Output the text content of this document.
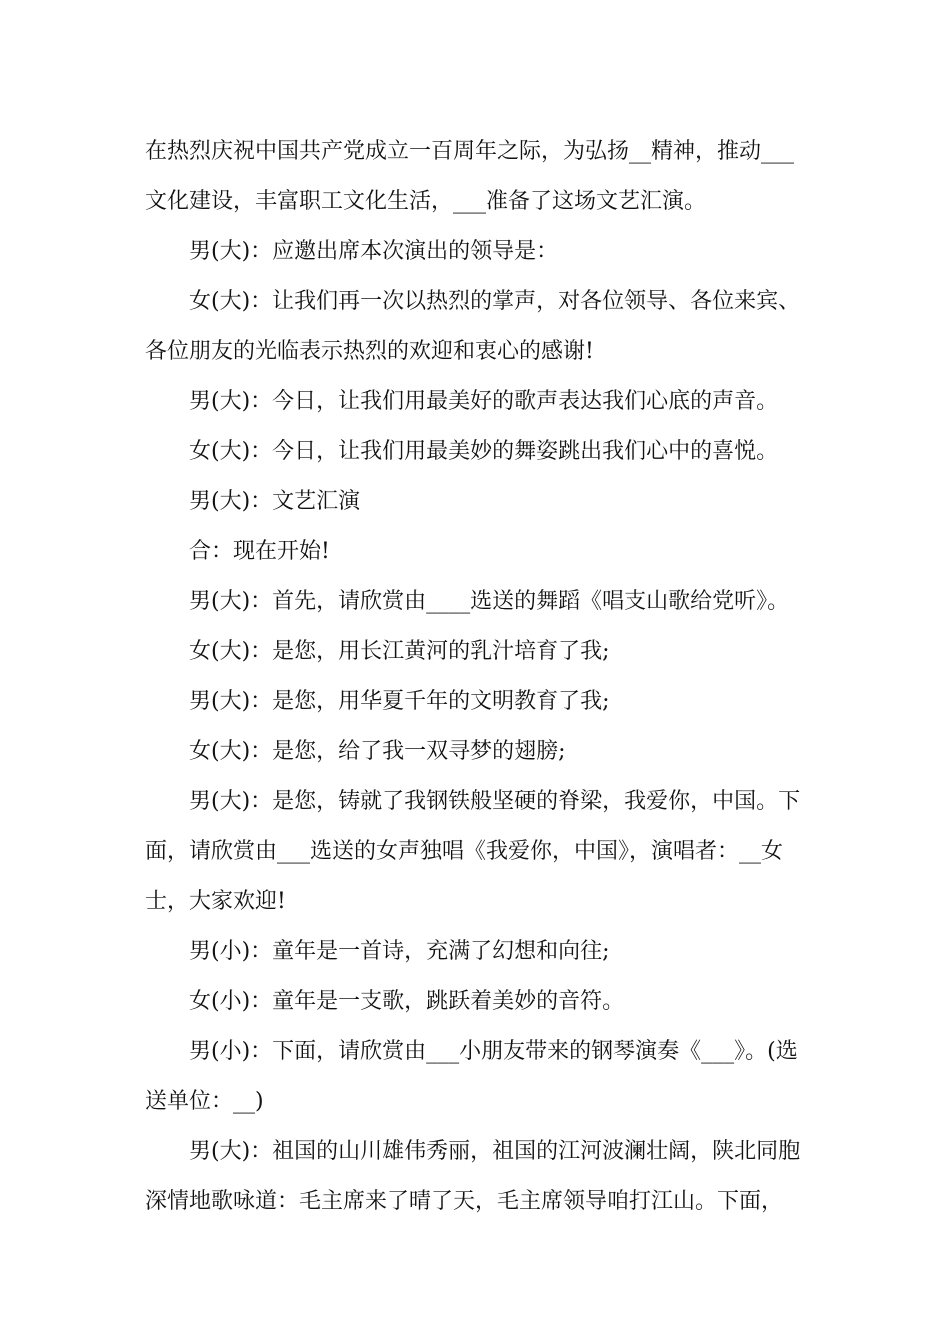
在热烈庆祝中国共产党成立一百周年之际，为弘扬__精神，推动___文化建设，丰富职工文化生活，___准备了这场文艺汇演。

男(大)：应邀出席本次演出的领导是：

女(大)：让我们再一次以热烈的掌声，对各位领导、各位来宾、各位朋友的光临表示热烈的欢迎和衷心的感谢!

男(大)：今日，让我们用最美好的歌声表达我们心底的声音。

女(大)：今日，让我们用最美妙的舞姿跳出我们心中的喜悦。

男(大)：文艺汇演

合：现在开始!

男(大)：首先，请欣赏由____选送的舞蹈《唱支山歌给党听》。

女(大)：是您，用长江黄河的乳汁培育了我;

男(大)：是您，用华夏千年的文明教育了我;

女(大)：是您，给了我一双寻梦的翅膀;

男(大)：是您，铸就了我钢铁般坚硬的脊梁，我爱你，中国。下面，请欣赏由___选送的女声独唱《我爱你，中国》，演唱者：__女士，大家欢迎!

男(小)：童年是一首诗，充满了幻想和向往;

女(小)：童年是一支歌，跳跃着美妙的音符。

男(小)：下面，请欣赏由___小朋友带来的钢琴演奏《___》。(选送单位：__)

男(大)：祖国的山川雄伟秀丽，祖国的江河波澜壮阔，陕北同胞深情地歌咏道：毛主席来了晴了天，毛主席领导咱打江山。下面，
